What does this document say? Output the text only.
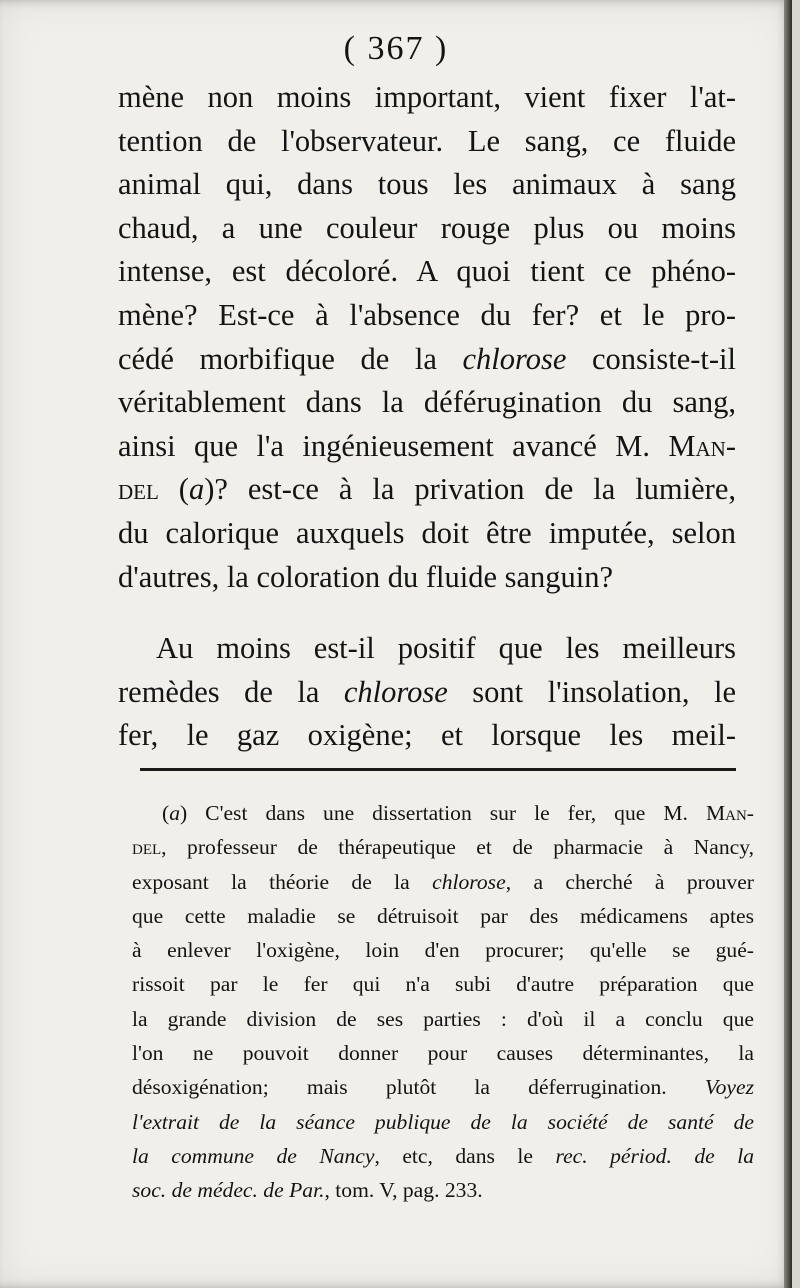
( 367 )
mène non moins important, vient fixer l'at-
tention de l'observateur. Le sang, ce fluide
animal qui, dans tous les animaux à sang
chaud, a une couleur rouge plus ou moins
intense, est décoloré. A quoi tient ce phéno-
mène? Est-ce à l'absence du fer? et le pro-
cédé morbifique de la chlorose consiste-t-il
véritablement dans la déférugination du sang,
ainsi que l'a ingénieusement avancé M. Man-
del (a)? est-ce à la privation de la lumière,
du calorique auxquels doit être imputée, selon
d'autres, la coloration du fluide sanguin?
Au moins est-il positif que les meilleurs
remèdes de la chlorose sont l'insolation, le
fer, le gaz oxigène; et lorsque les meil-
(a) C'est dans une dissertation sur le fer, que M. Man-
del, professeur de thérapeutique et de pharmacie à Nancy,
exposant la théorie de la chlorose, a cherché à prouver
que cette maladie se détruisoit par des médicamens aptes
à enlever l'oxigène, loin d'en procurer; qu'elle se gué-
rissoit par le fer qui n'a subi d'autre préparation que
la grande division de ses parties : d'où il a conclu que
l'on ne pouvoit donner pour causes déterminantes, la
désoxigénation; mais plutôt la déferrugination. Voyez
l'extrait de la séance publique de la société de santé de
la commune de Nancy, etc, dans le rec. périod. de la
soc. de médec. de Par., tom. V, pag. 233.
